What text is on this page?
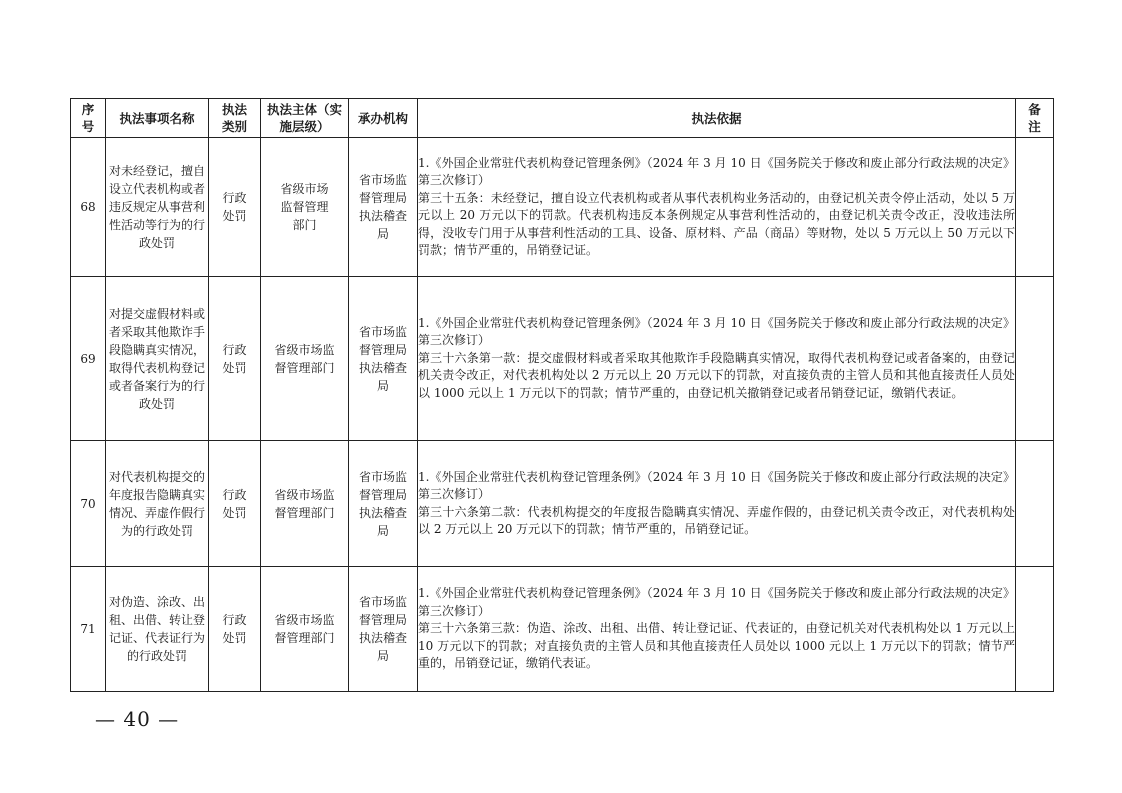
序号	执法事项名称	执法类别	执法主体（实施层级）	承办机构	执法依据	备注
68	对未经登记，擅自设立代表机构或者违反规定从事营利性活动等行为的行政处罚	行政处罚	省级市场监督管理部门	省市场监督管理局执法稽查局	1.《外国企业常驻代表机构登记管理条例》（2024 年 3 月 10 日《国务院关于修改和废止部分行政法规的决定》第三次修订）

第三十五条：未经登记，擅自设立代表机构或者从事代表机构业务活动的，由登记机关责令停止活动，处以 5 万元以上 20 万元以下的罚款。代表机构违反本条例规定从事营利性活动的，由登记机关责令改正，没收违法所得，没收专门用于从事营利性活动的工具、设备、原材料、产品（商品）等财物，处以 5 万元以上 50 万元以下罚款；情节严重的，吊销登记证。	

69	对提交虚假材料或者采取其他欺诈手段隐瞒真实情况，取得代表机构登记或者备案行为的行政处罚	行政处罚	省级市场监督管理部门	省市场监督管理局执法稽查局	1.《外国企业常驻代表机构登记管理条例》（2024 年 3 月 10 日《国务院关于修改和废止部分行政法规的决定》第三次修订）

第三十六条第一款：提交虚假材料或者采取其他欺诈手段隐瞒真实情况，取得代表机构登记或者备案的，由登记机关责令改正，对代表机构处以 2 万元以上 20 万元以下的罚款，对直接负责的主管人员和其他直接责任人员处以 1000 元以上 1 万元以下的罚款；情节严重的，由登记机关撤销登记或者吊销登记证，缴销代表证。	

70	对代表机构提交的年度报告隐瞒真实情况、弄虚作假行为的行政处罚	行政处罚	省级市场监督管理部门	省市场监督管理局执法稽查局	1.《外国企业常驻代表机构登记管理条例》（2024 年 3 月 10 日《国务院关于修改和废止部分行政法规的决定》第三次修订）

第三十六条第二款：代表机构提交的年度报告隐瞒真实情况、弄虚作假的，由登记机关责令改正，对代表机构处以 2 万元以上 20 万元以下的罚款；情节严重的，吊销登记证。	

71	对伪造、涂改、出租、出借、转让登记证、代表证行为的行政处罚	行政处罚	省级市场监督管理部门	省市场监督管理局执法稽查局	1.《外国企业常驻代表机构登记管理条例》（2024 年 3 月 10 日《国务院关于修改和废止部分行政法规的决定》第三次修订）

第三十六条第三款：伪造、涂改、出租、出借、转让登记证、代表证的，由登记机关对代表机构处以 1 万元以上 10 万元以下的罚款；对直接负责的主管人员和其他直接责任人员处以 1000 元以上 1 万元以下的罚款；情节严重的，吊销登记证，缴销代表证。	

— 40 —
